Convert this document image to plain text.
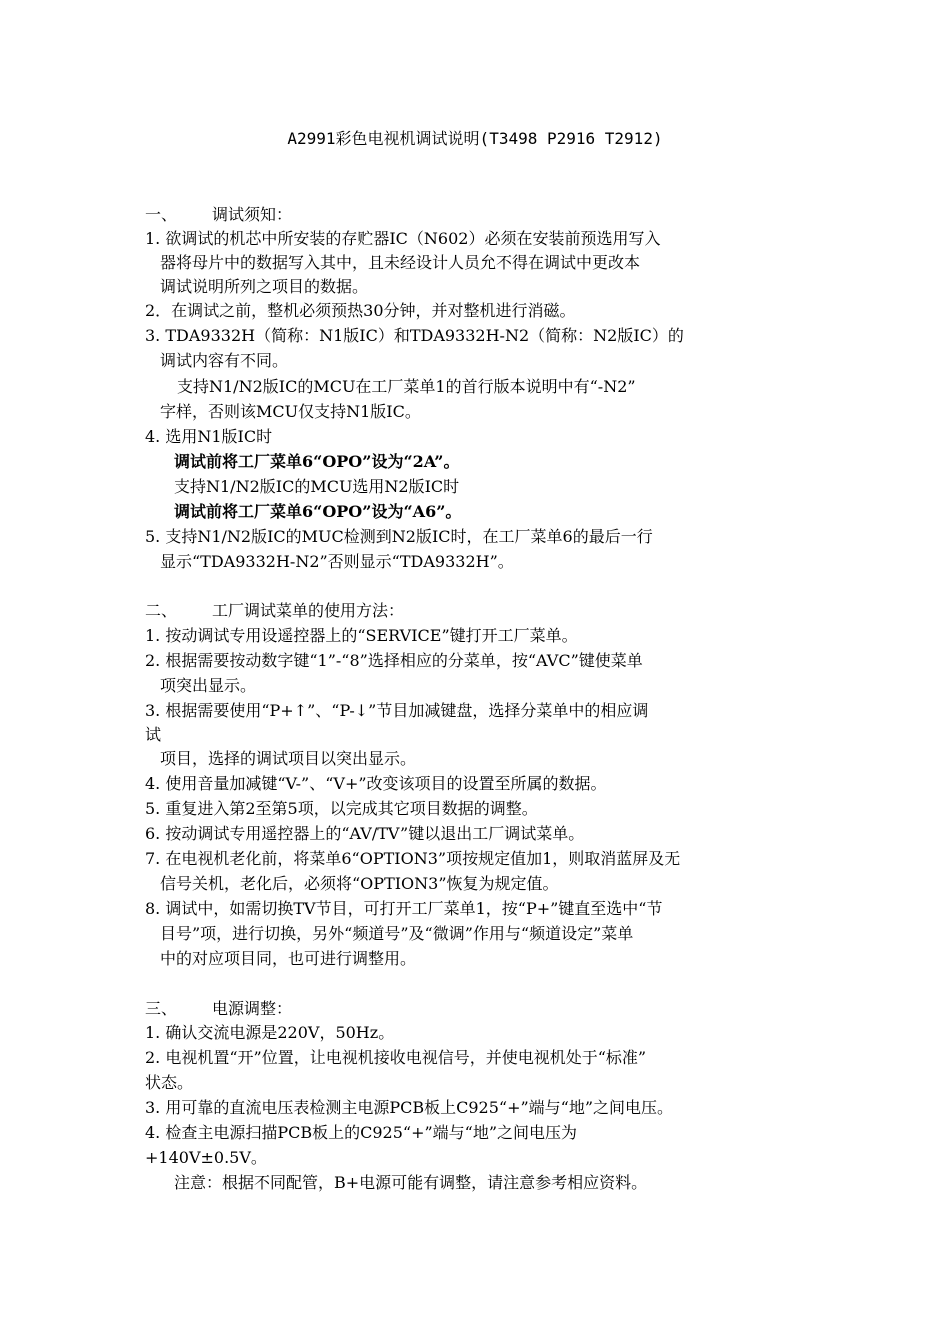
A2991彩色电视机调试说明(T3498 P2916 T2912)
一、 调试须知：
1. 欲调试的机芯中所安装的存贮器IC（N602）必须在安装前预选用写入
器将母片中的数据写入其中，且未经设计人员允不得在调试中更改本
调试说明所列之项目的数据。
2．在调试之前，整机必须预热30分钟，并对整机进行消磁。
3. TDA9332H（简称：N1版IC）和TDA9332H-N2（简称：N2版IC）的
调试内容有不同。
支持N1/N2版IC的MCU在工厂菜单1的首行版本说明中有“-N2”
字样，否则该MCU仅支持N1版IC。
4. 选用N1版IC时
调试前将工厂菜单6“OPO”设为“2A”。
支持N1/N2版IC的MCU选用N2版IC时
调试前将工厂菜单6“OPO”设为“A6”。
5. 支持N1/N2版IC的MUC检测到N2版IC时，在工厂菜单6的最后一行
显示“TDA9332H-N2”否则显示“TDA9332H”。
二、 工厂调试菜单的使用方法：
1. 按动调试专用设遥控器上的“SERVICE”键打开工厂菜单。
2. 根据需要按动数字键“1”-“8”选择相应的分菜单，按“AVC”键使菜单
项突出显示。
3. 根据需要使用“P+↑”、“P-↓”节目加减键盘，选择分菜单中的相应调
试
项目，选择的调试项目以突出显示。
4. 使用音量加减键“V-”、“V+”改变该项目的设置至所属的数据。
5. 重复进入第2至第5项，以完成其它项目数据的调整。
6. 按动调试专用遥控器上的“AV/TV”键以退出工厂调试菜单。
7. 在电视机老化前，将菜单6“OPTION3”项按规定值加1，则取消蓝屏及无
信号关机，老化后，必须将“OPTION3”恢复为规定值。
8. 调试中，如需切换TV节目，可打开工厂菜单1，按“P+”键直至选中“节
目号”项，进行切换，另外“频道号”及“微调”作用与“频道设定”菜单
中的对应项目同，也可进行调整用。
三、 电源调整：
1. 确认交流电源是220V，50Hz。
2. 电视机置“开”位置，让电视机接收电视信号，并使电视机处于“标准”
状态。
3. 用可靠的直流电压表检测主电源PCB板上C925“+”端与“地”之间电压。
4. 检查主电源扫描PCB板上的C925“+”端与“地”之间电压为
+140V±0.5V。
注意：根据不同配管，B+电源可能有调整，请注意参考相应资料。
